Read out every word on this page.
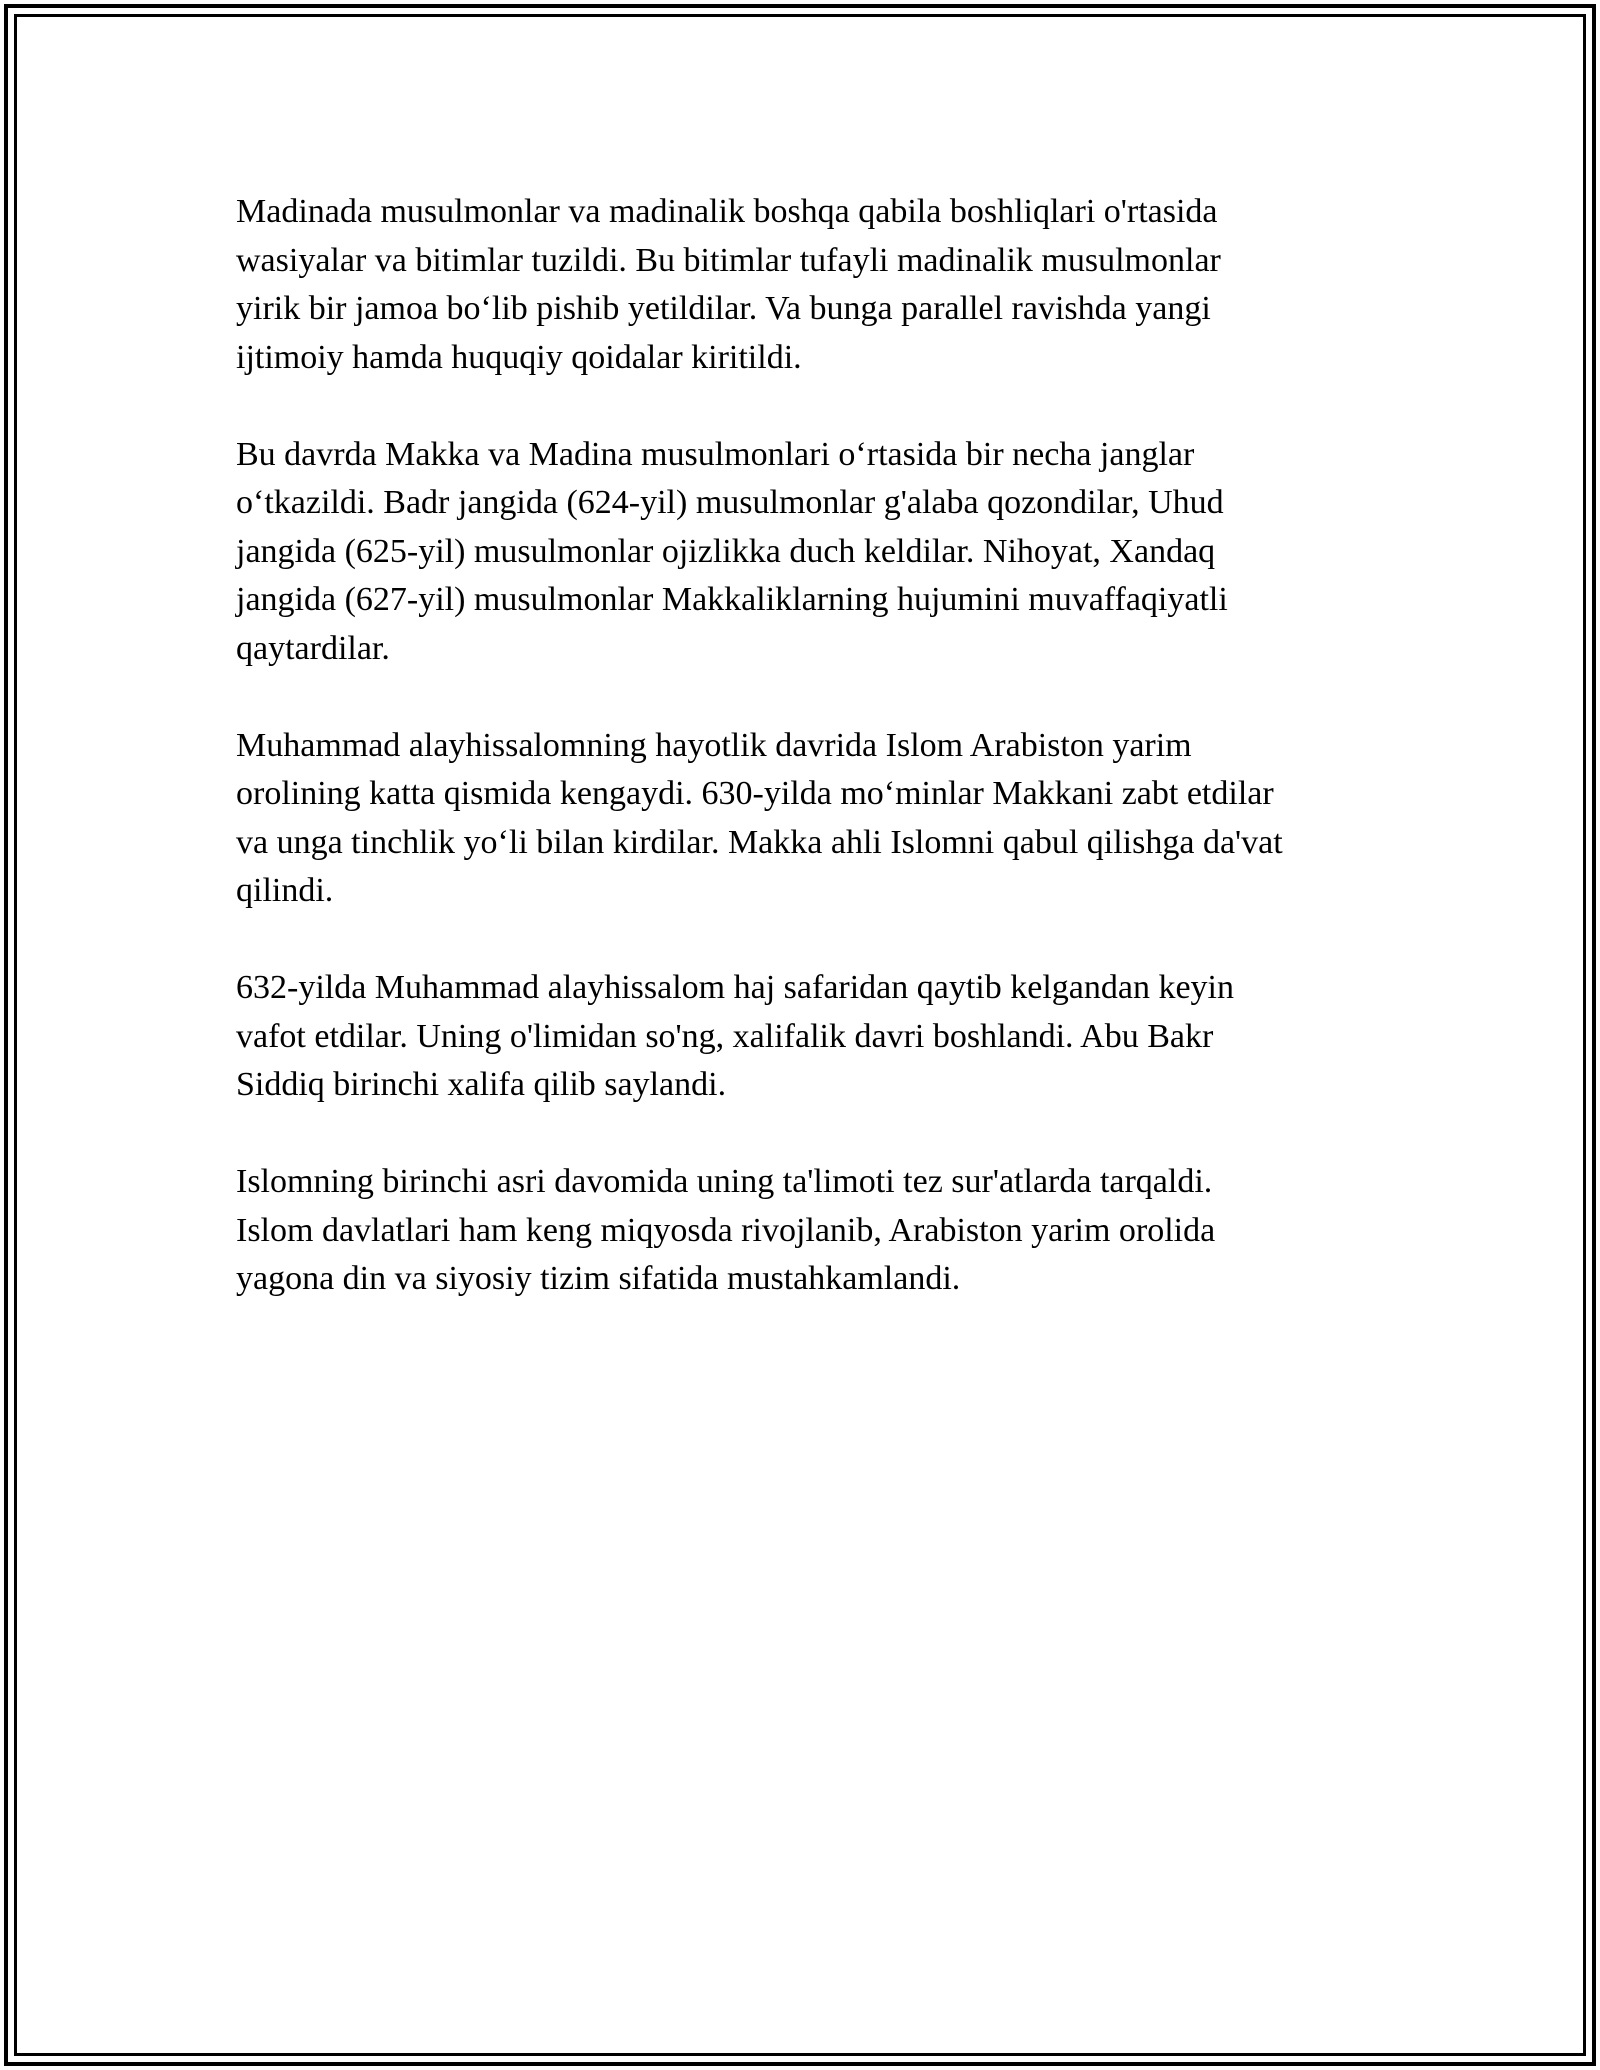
Madinada musulmonlar va madinalik boshqa qabila boshliqlari o'rtasida
wasiyalar va bitimlar tuzildi. Bu bitimlar tufayli madinalik musulmonlar
yirik bir jamoa bo‘lib pishib yetildilar. Va bunga parallel ravishda yangi
ijtimoiy hamda huquqiy qoidalar kiritildi.

Bu davrda Makka va Madina musulmonlari o‘rtasida bir necha janglar
o‘tkazildi. Badr jangida (624-yil) musulmonlar g'alaba qozondilar, Uhud
jangida (625-yil) musulmonlar ojizlikka duch keldilar. Nihoyat, Xandaq
jangida (627-yil) musulmonlar Makkaliklarning hujumini muvaffaqiyatli
qaytardilar.

Muhammad alayhissalomning hayotlik davrida Islom Arabiston yarim
orolining katta qismida kengaydi. 630-yilda mo‘minlar Makkani zabt etdilar
va unga tinchlik yo‘li bilan kirdilar. Makka ahli Islomni qabul qilishga da'vat
qilindi.

632-yilda Muhammad alayhissalom haj safaridan qaytib kelgandan keyin
vafot etdilar. Uning o'limidan so'ng, xalifalik davri boshlandi. Abu Bakr
Siddiq birinchi xalifa qilib saylandi.

Islomning birinchi asri davomida uning ta'limoti tez sur'atlarda tarqaldi.
Islom davlatlari ham keng miqyosda rivojlanib, Arabiston yarim orolida
yagona din va siyosiy tizim sifatida mustahkamlandi.
